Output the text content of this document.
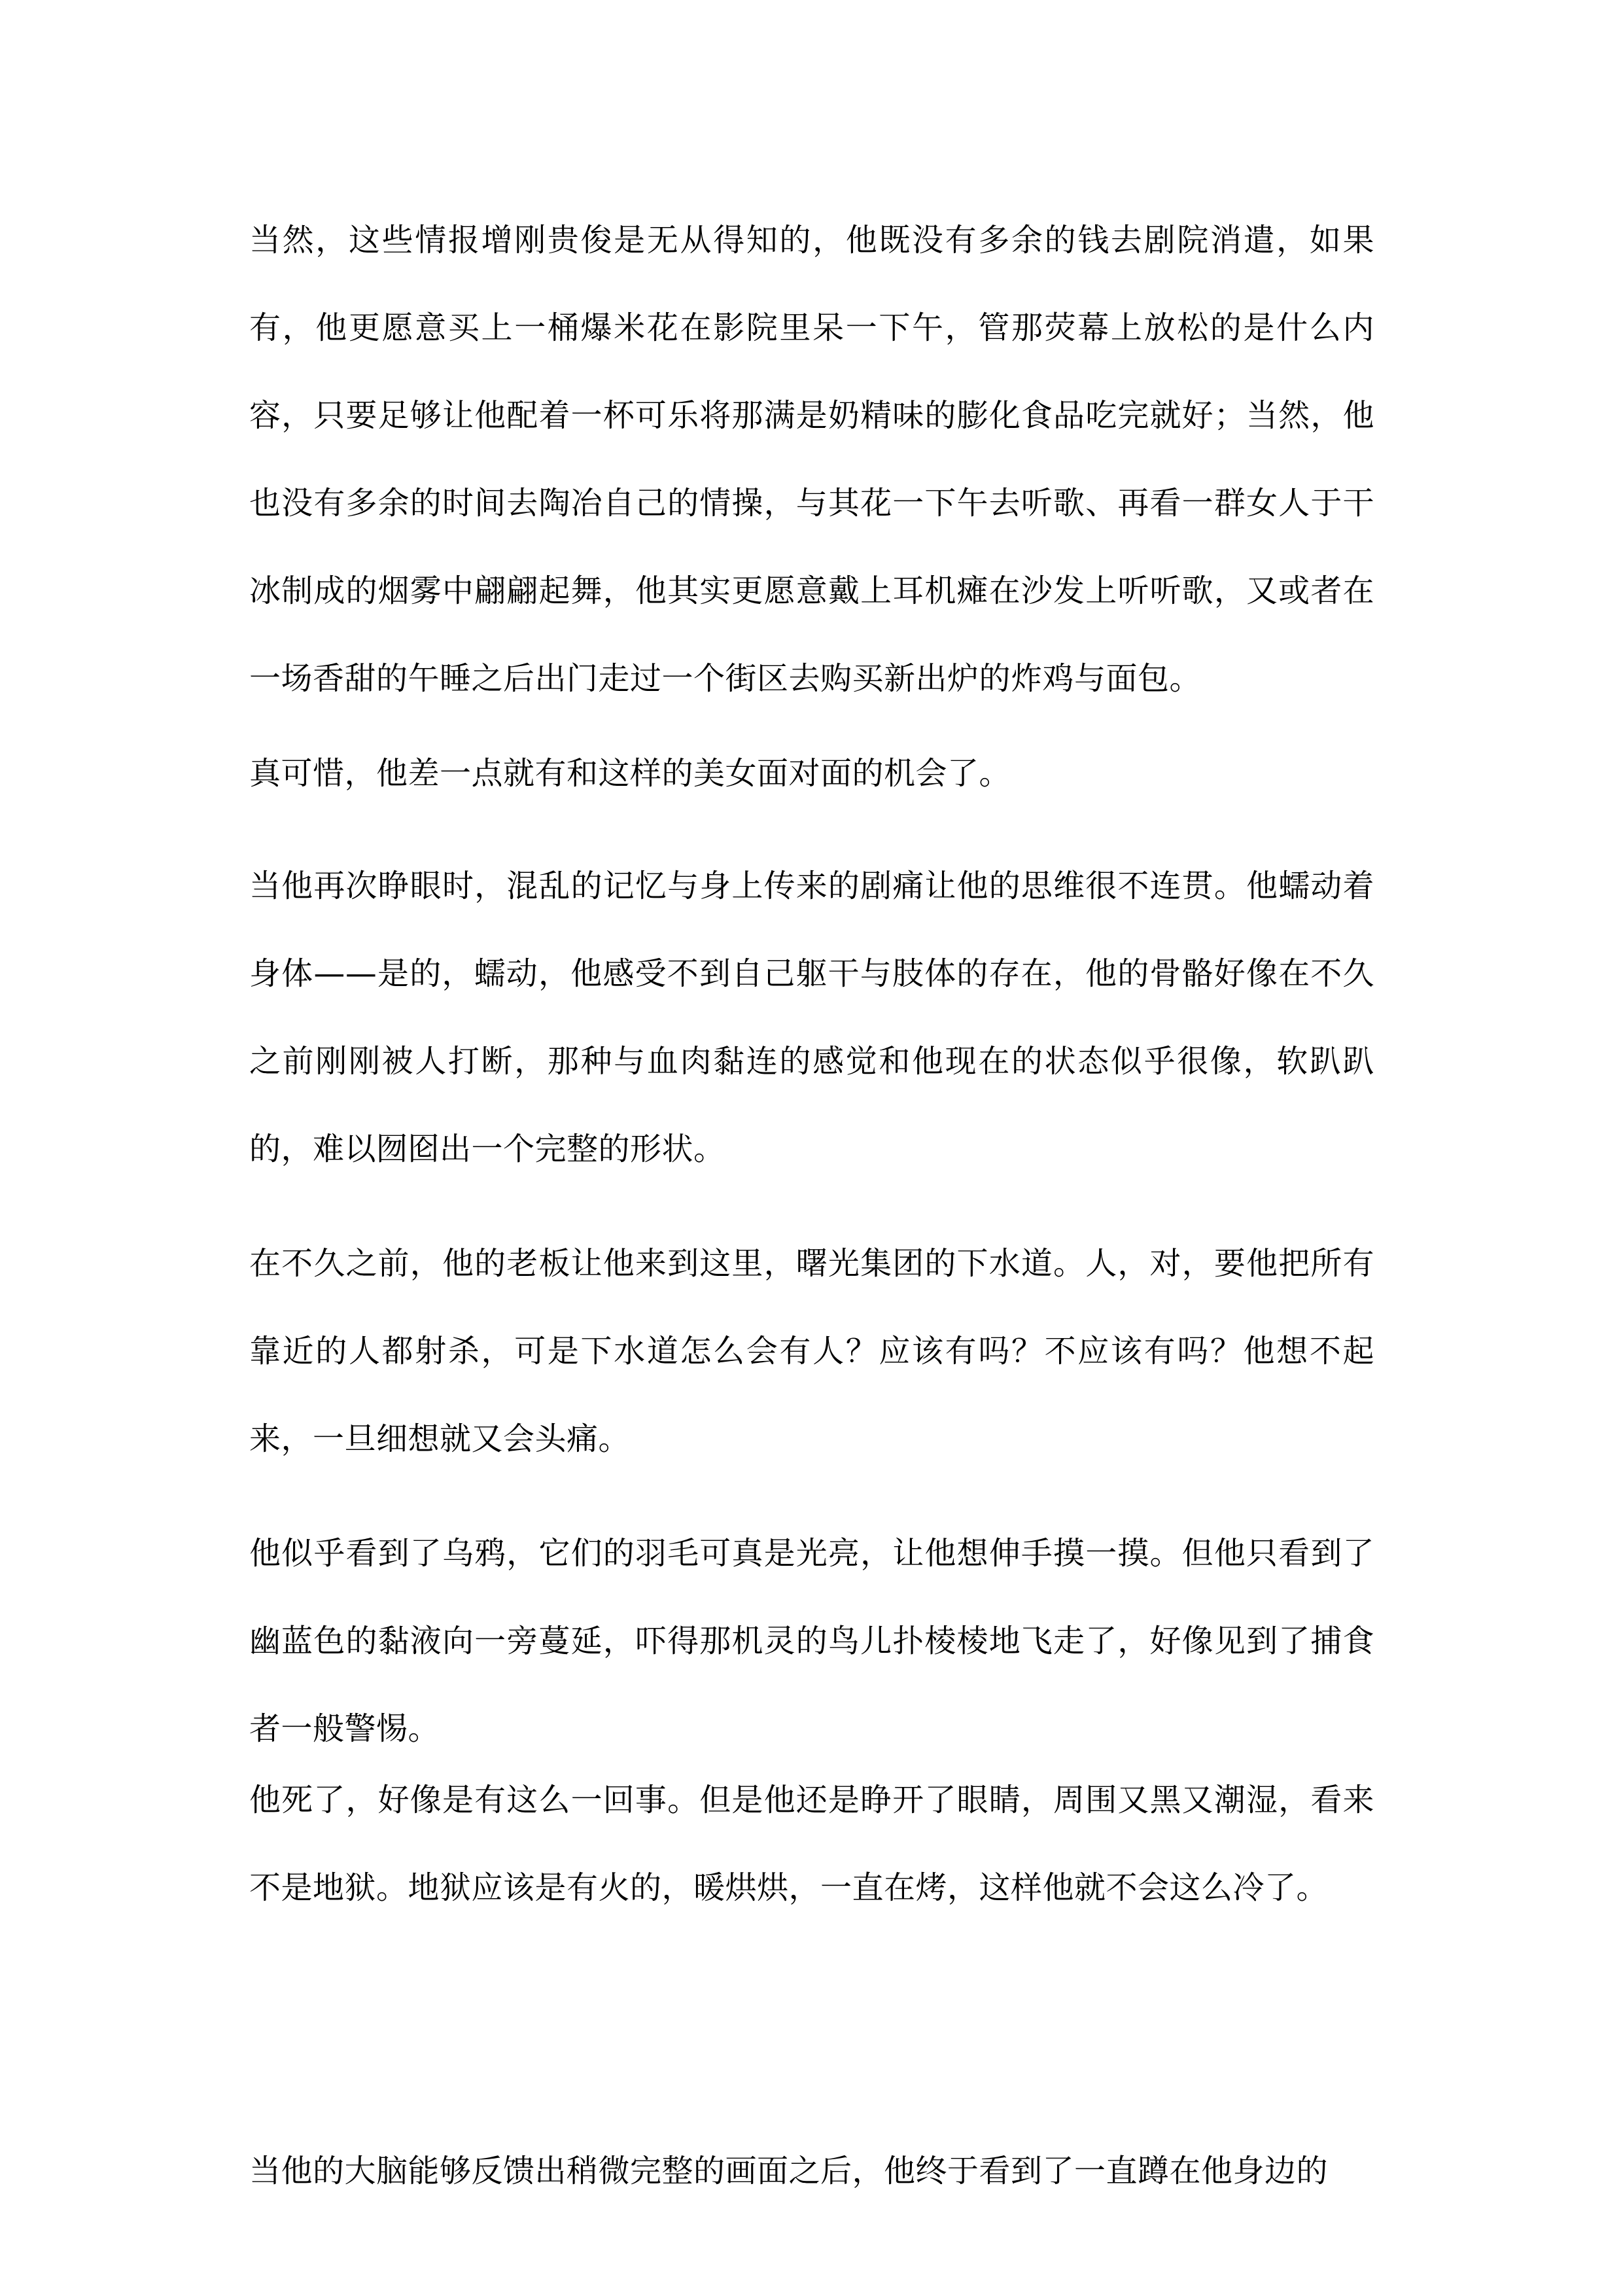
当然，这些情报增刚贵俊是无从得知的，他既没有多余的钱去剧院消遣，如果有，他更愿意买上一桶爆米花在影院里呆一下午，管那荧幕上放松的是什么内容，只要足够让他配着一杯可乐将那满是奶精味的膨化食品吃完就好；当然，他也没有多余的时间去陶冶自己的情操，与其花一下午去听歌、再看一群女人于干冰制成的烟雾中翩翩起舞，他其实更愿意戴上耳机瘫在沙发上听听歌，又或者在一场香甜的午睡之后出门走过一个街区去购买新出炉的炸鸡与面包。

真可惜，他差一点就有和这样的美女面对面的机会了。

当他再次睁眼时，混乱的记忆与身上传来的剧痛让他的思维很不连贯。他蠕动着身体——是的，蠕动，他感受不到自己躯干与肢体的存在，他的骨骼好像在不久之前刚刚被人打断，那种与血肉黏连的感觉和他现在的状态似乎很像，软趴趴的，难以囫囵出一个完整的形状。

在不久之前，他的老板让他来到这里，曙光集团的下水道。人，对，要他把所有靠近的人都射杀，可是下水道怎么会有人？应该有吗？不应该有吗？他想不起来，一旦细想就又会头痛。

他似乎看到了乌鸦，它们的羽毛可真是光亮，让他想伸手摸一摸。但他只看到了幽蓝色的黏液向一旁蔓延，吓得那机灵的鸟儿扑棱棱地飞走了，好像见到了捕食者一般警惕。

他死了，好像是有这么一回事。但是他还是睁开了眼睛，周围又黑又潮湿，看来不是地狱。地狱应该是有火的，暖烘烘，一直在烤，这样他就不会这么冷了。

当他的大脑能够反馈出稍微完整的画面之后，他终于看到了一直蹲在他身边的
